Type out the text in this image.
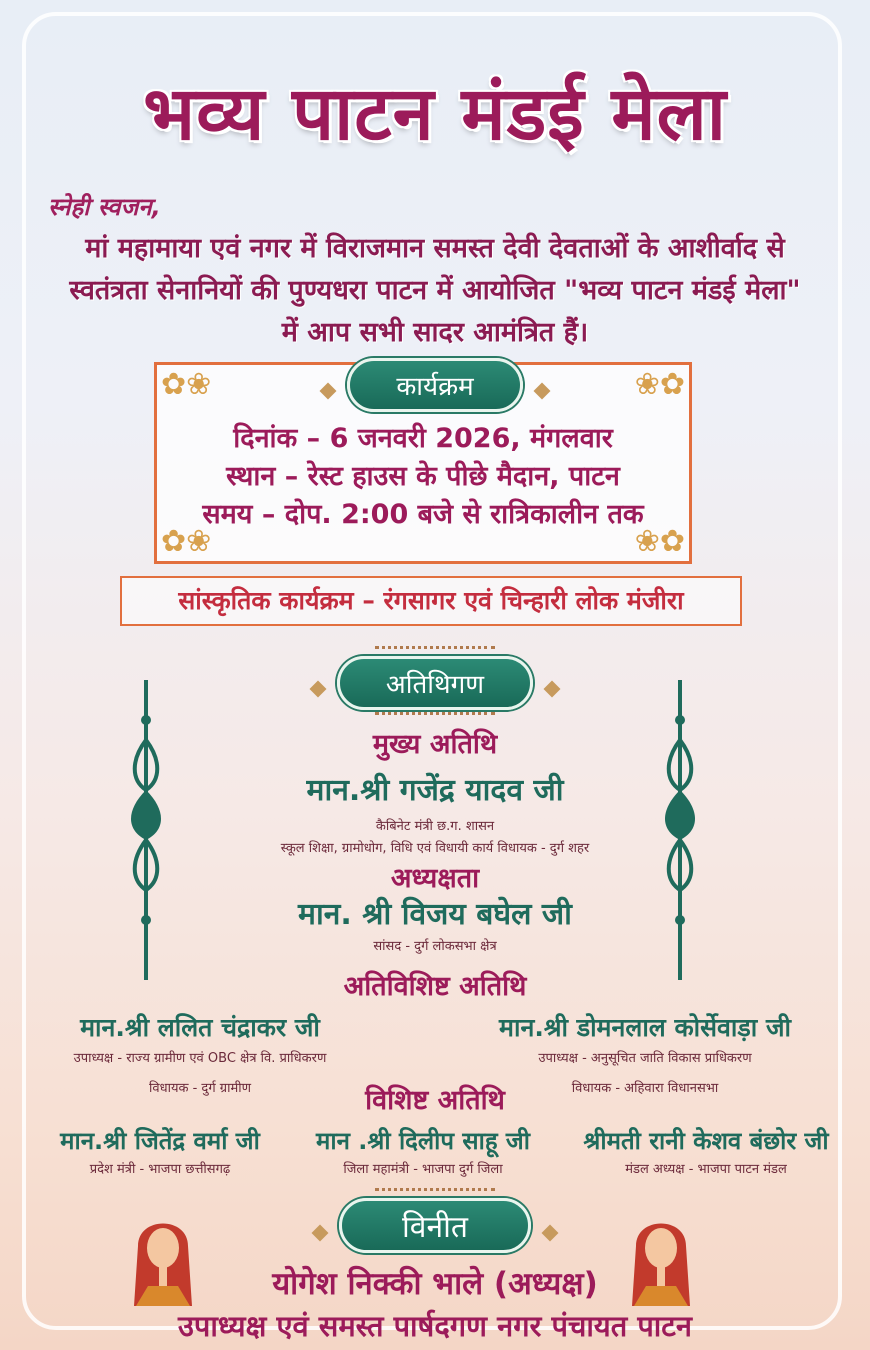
भव्य पाटन मंडई मेला
स्नेही स्वजन,
मां महामाया एवं नगर में विराजमान समस्त देवी देवताओं के आशीर्वाद से
स्वतंत्रता सेनानियों की पुण्यधरा पाटन में आयोजित "भव्य पाटन मंडई मेला"
में आप सभी सादर आमंत्रित हैं।
✿❀	❀✿
✿❀	❀✿
कार्यक्रम
दिनांक – 6 जनवरी 2026, मंगलवार
स्थान – रेस्ट हाउस के पीछे मैदान, पाटन
समय – दोप. 2:00 बजे से रात्रिकालीन तक
सांस्कृतिक कार्यक्रम – रंगसागर एवं चिन्हारी लोक मंजीरा
अतिथिगण
मुख्य अतिथि
मान.श्री गजेंद्र यादव जी
कैबिनेट मंत्री छ.ग. शासन
स्कूल शिक्षा, ग्रामोधोग, विधि एवं विधायी कार्य विधायक - दुर्ग शहर
अध्यक्षता
मान. श्री विजय बघेल जी
सांसद - दुर्ग लोकसभा क्षेत्र
अतिविशिष्ट अतिथि
मान.श्री ललित चंद्राकर जी
उपाध्यक्ष - राज्य ग्रामीण एवं OBC क्षेत्र वि. प्राधिकरण
विधायक - दुर्ग ग्रामीण
मान.श्री डोमनलाल कोर्सेवाड़ा जी
उपाध्यक्ष - अनुसूचित जाति विकास प्राधिकरण
विधायक - अहिवारा विधानसभा
विशिष्ट अतिथि
मान.श्री जितेंद्र वर्मा जी
प्रदेश मंत्री - भाजपा छत्तीसगढ़
मान .श्री दिलीप साहू जी
जिला महामंत्री - भाजपा दुर्ग जिला
श्रीमती रानी केशव बंछोर जी
मंडल अध्यक्ष - भाजपा पाटन मंडल
विनीत
योगेश निक्की भाले (अध्यक्ष)
उपाध्यक्ष एवं समस्त पार्षदगण नगर पंचायत पाटन
